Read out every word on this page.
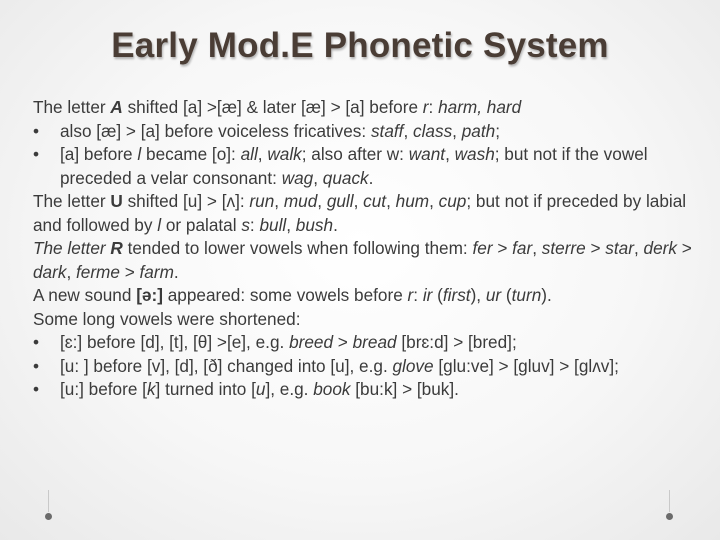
Early Mod.E Phonetic System
The letter A shifted [a] >[æ] & later [æ] > [a] before r: harm, hard
• also [æ] > [a] before voiceless fricatives: staff, class, path;
• [a] before l became [o]: all, walk; also after w: want, wash; but not if the vowel preceded a velar consonant: wag, quack.
The letter U shifted [u] > [ʌ]: run, mud, gull, cut, hum, cup; but not if preceded by labial and followed by l or palatal s: bull, bush.
The letter R tended to lower vowels when following them: fer > far, sterre > star, derk > dark, ferme > farm.
A new sound [ə:] appeared: some vowels before r: ir (first), ur (turn).
Some long vowels were shortened:
• [ɛ:] before [d], [t], [θ] >[e], e.g. breed > bread [brɛ:d] > [bred];
• [u: ] before [v], [d], [ð] changed into [u], e.g. glove [glu:ve] > [gluv] > [glʌv];
• [u:] before [k] turned into [u], e.g. book [bu:k] > [buk].
